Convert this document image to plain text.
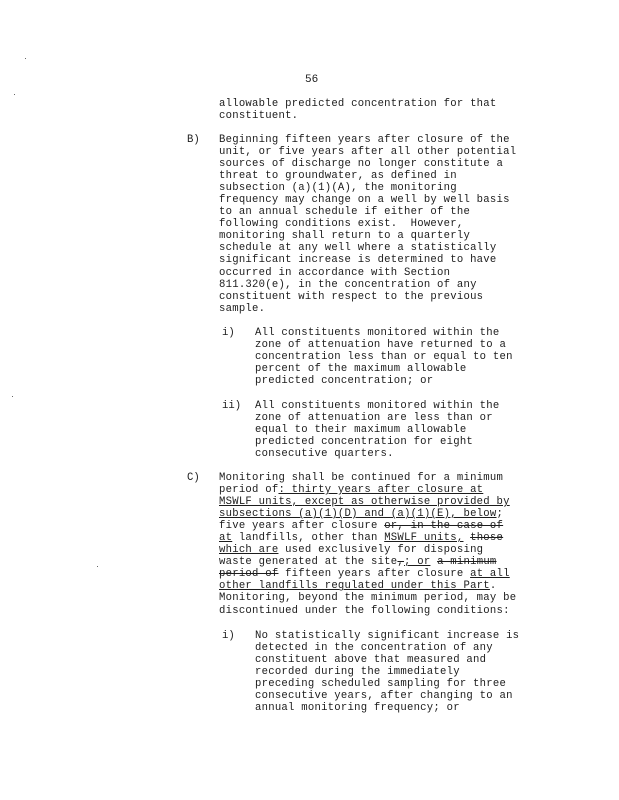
56
allowable predicted concentration for that
constituent.
B) Beginning fifteen years after closure of the
unit, or five years after all other potential
sources of discharge no longer constitute a
threat to groundwater, as defined in
subsection (a)(1)(A), the monitoring
frequency may change on a well by well basis
to an annual schedule if either of the
following conditions exist.  However,
monitoring shall return to a quarterly
schedule at any well where a statistically
significant increase is determined to have
occurred in accordance with Section
811.320(e), in the concentration of any
constituent with respect to the previous
sample.
i) All constituents monitored within the
zone of attenuation have returned to a
concentration less than or equal to ten
percent of the maximum allowable
predicted concentration; or
ii) All constituents monitored within the
zone of attenuation are less than or
equal to their maximum allowable
predicted concentration for eight
consecutive quarters.
C) Monitoring shall be continued for a minimum
period of: thirty years after closure at
MSWLF units, except as otherwise provided by
subsections (a)(1)(D) and (a)(1)(E), below;
five years after closure or, in the case of
at landfills, other than MSWLF units, those
which are used exclusively for disposing
waste generated at the site,; or a minimum
period of fifteen years after closure at all
other landfills regulated under this Part.
Monitoring, beyond the minimum period, may be
discontinued under the following conditions:
i) No statistically significant increase is
detected in the concentration of any
constituent above that measured and
recorded during the immediately
preceding scheduled sampling for three
consecutive years, after changing to an
annual monitoring frequency; or
